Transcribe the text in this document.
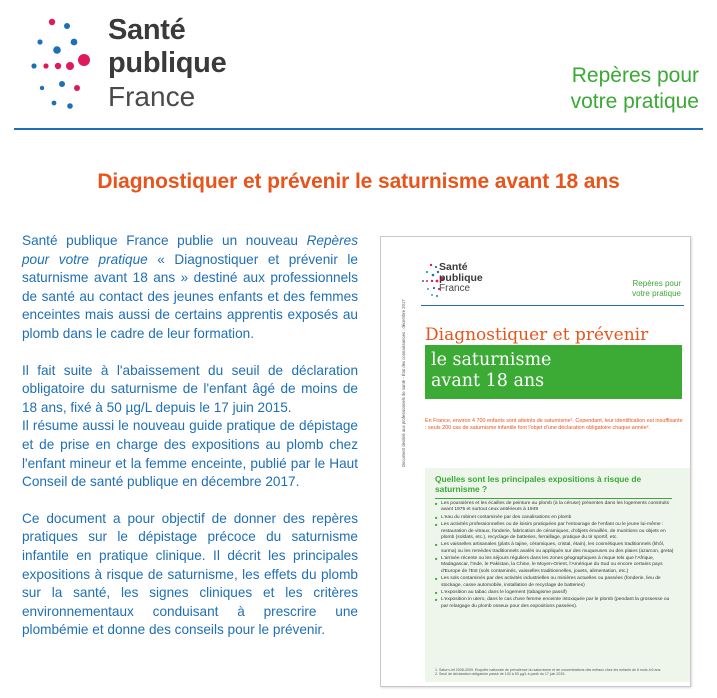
Santé
publique
France
Repères pour
votre pratique
Diagnostiquer et prévenir le saturnisme avant 18 ans

Santé publique France publie un nouveau Repères pour votre pratique « Diagnostiquer et prévenir le saturnisme avant 18 ans » destiné aux professionnels de santé au contact des jeunes enfants et des femmes enceintes mais aussi de certains apprentis exposés au plomb dans le cadre de leur formation.

Il fait suite à l'abaissement du seuil de déclaration obligatoire du saturnisme de l'enfant âgé de moins de 18 ans, fixé à 50 µg/L depuis le 17 juin 2015.

Il résume aussi le nouveau guide pratique de dépistage et de prise en charge des expositions au plomb chez l'enfant mineur et la femme enceinte, publié par le Haut Conseil de santé publique en décembre 2017.

Ce document a pour objectif de donner des repères pratiques sur le dépistage précoce du saturnisme infantile en pratique clinique. Il décrit les principales expositions à risque de saturnisme, les effets du plomb sur la santé, les signes cliniques et les critères environnementaux conduisant à prescrire une plombémie et donne des conseils pour le prévenir.

Document destiné aux professionnels de santé - État des connaissances : décembre 2017
Santé
publique
France	Repères pour
votre pratique
Diagnostiquer et prévenir
le saturnisme
avant 18 ans

En France, environ 4 700 enfants sont atteints de saturnisme¹. Cependant, leur identification est insuffisante : seuls 200 cas de saturnisme infantile font l'objet d'une déclaration obligatoire chaque année².

Quelles sont les principales expositions à risque de saturnisme ?
■ Les poussières et les écailles de peinture au plomb (à la céruse) présentes dans les logements construits avant 1975 et surtout ceux antérieurs à 1949
■ L'eau du robinet contaminée par des canalisations en plomb
■ Les activités professionnelles ou de loisirs pratiquées par l'entourage de l'enfant ou le jeune lui-même : restauration de vitraux, fonderie, fabrication de céramiques, d'objets émaillés, de munitions ou objets en plomb (soldats, etc.), recyclage de batteries, ferraillage, pratique du tir sportif, etc.
■ Les vaisselles artisanales (plats à tajine, céramiques, cristal, étain), les cosmétiques traditionnels (khôl, surma) ou les remèdes traditionnels avalés ou appliqués sur des muqueuses ou des plaies (azarcon, greta)
■ L'arrivée récente ou les séjours réguliers dans les zones géographiques à risque tels que l'Afrique, Madagascar, l'Inde, le Pakistan, la Chine, le Moyen-Orient, l'Amérique du Sud ou encore certains pays d'Europe de l'Est (sols contaminés, vaisselles traditionnelles, jouets, alimentation, etc.)
■ Les sols contaminés par des activités industrielles ou minières actuelles ou passées (fonderie, lieu de stockage, casse automobile, installation de recyclage de batteries)
■ L'exposition au tabac dans le logement (tabagisme passif)
■ L'exposition in utero, dans le cas d'une femme enceinte intoxiquée par le plomb (pendant la grossesse ou par relargage du plomb osseux pour des expositions passées).
1. Saturn-Inf 2008-2009. Enquête nationale de prévalence du saturnisme et de concentrations des métaux chez les enfants de 6 mois à 6 ans.
2. Seuil de déclaration obligatoire passé de 100 à 50 µg/L à partir du 17 juin 2015.
